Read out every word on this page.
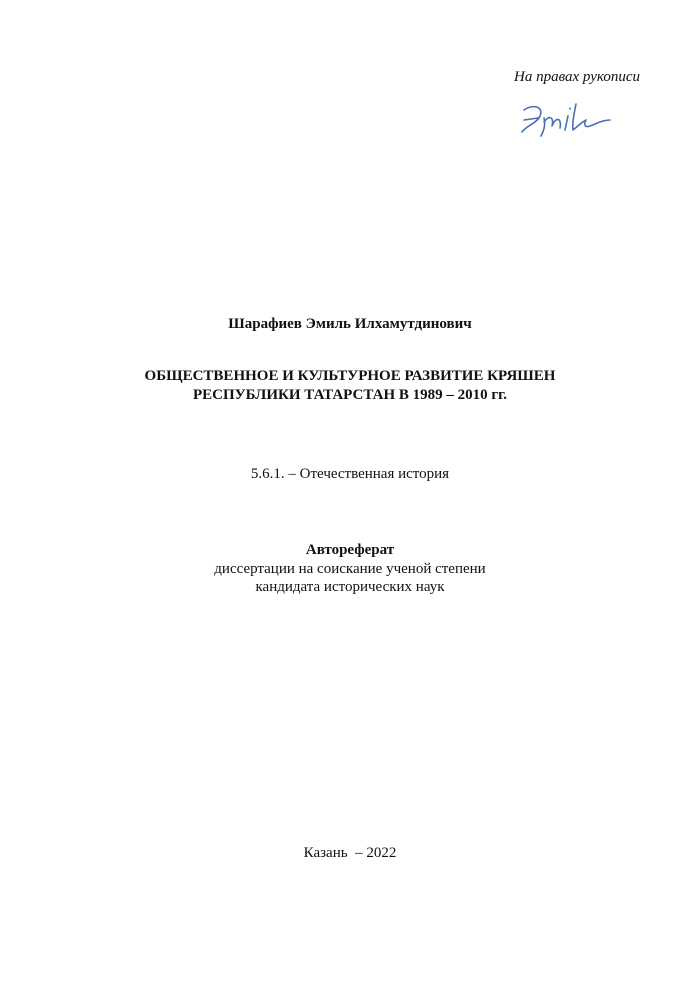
На правах рукописи
Шарафиев Эмиль Илхамутдинович
ОБЩЕСТВЕННОЕ И КУЛЬТУРНОЕ РАЗВИТИЕ КРЯШЕН
РЕСПУБЛИКИ ТАТАРСТАН В 1989 – 2010 гг.
5.6.1. – Отечественная история
Автореферат
диссертации на соискание ученой степени
кандидата исторических наук
Казань  – 2022
